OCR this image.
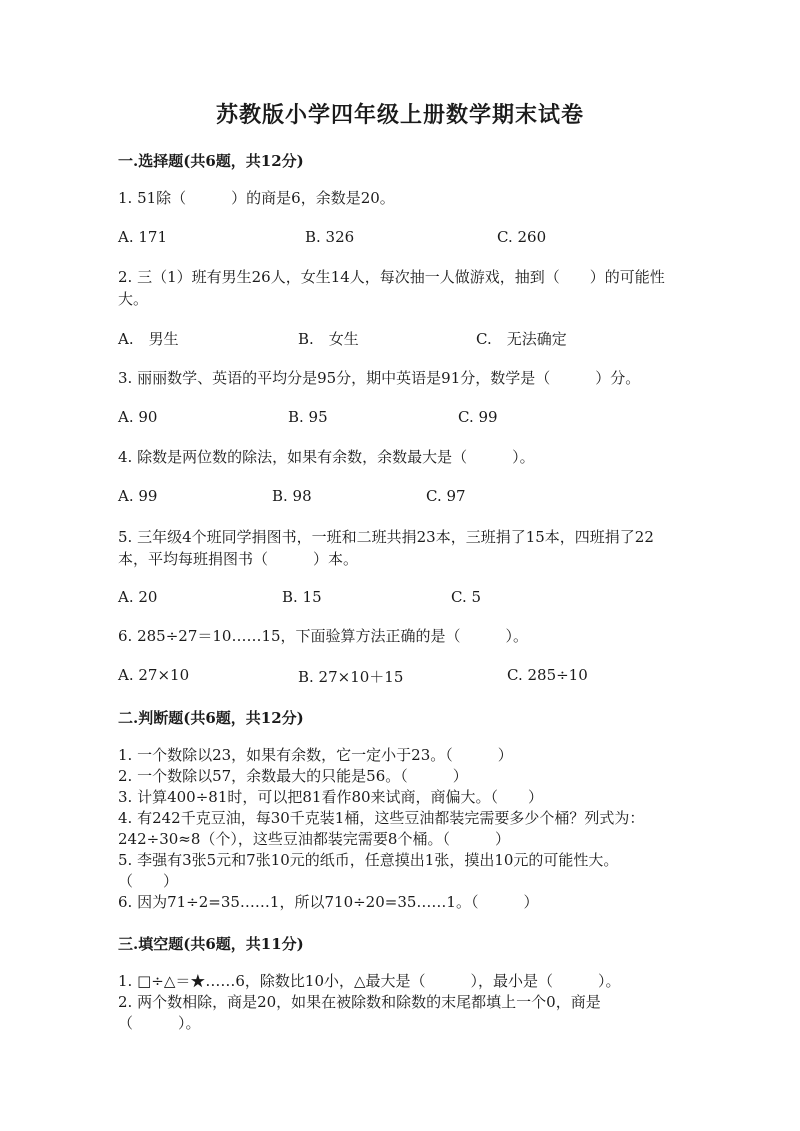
苏教版小学四年级上册数学期末试卷
一.选择题(共6题，共12分)
1. 51除（　　　）的商是6，余数是20。
A. 171	B. 326	C. 260
2. 三（1）班有男生26人，女生14人，每次抽一人做游戏，抽到（　　）的可能性大。
A.　男生	B.　女生	C.　无法确定
3. 丽丽数学、英语的平均分是95分，期中英语是91分，数学是（　　　）分。
A. 90	B. 95	C. 99
4. 除数是两位数的除法，如果有余数，余数最大是（　　　）。
A. 99	B. 98	C. 97
5. 三年级4个班同学捐图书，一班和二班共捐23本，三班捐了15本，四班捐了22本，平均每班捐图书（　　　）本。
A. 20	B. 15	C. 5
6. 285÷27＝10……15，下面验算方法正确的是（　　　）。
A. 27×10	B. 27×10＋15	C. 285÷10
二.判断题(共6题，共12分)
1. 一个数除以23，如果有余数，它一定小于23。（　　　）
2. 一个数除以57，余数最大的只能是56。（　　　）
3. 计算400÷81时，可以把81看作80来试商，商偏大。（　　）
4. 有242千克豆油，每30千克装1桶，这些豆油都装完需要多少个桶？列式为：242÷30≈8（个），这些豆油都装完需要8个桶。（　　　）
5. 李强有3张5元和7张10元的纸币，任意摸出1张，摸出10元的可能性大。　　（　　）
6. 因为71÷2=35……1，所以710÷20=35……1。（　　　）
三.填空题(共6题，共11分)
1. □÷△＝★……6，除数比10小，△最大是（　　　），最小是（　　　）。
2. 两个数相除，商是20，如果在被除数和除数的末尾都填上一个0，商是（　　　）。
